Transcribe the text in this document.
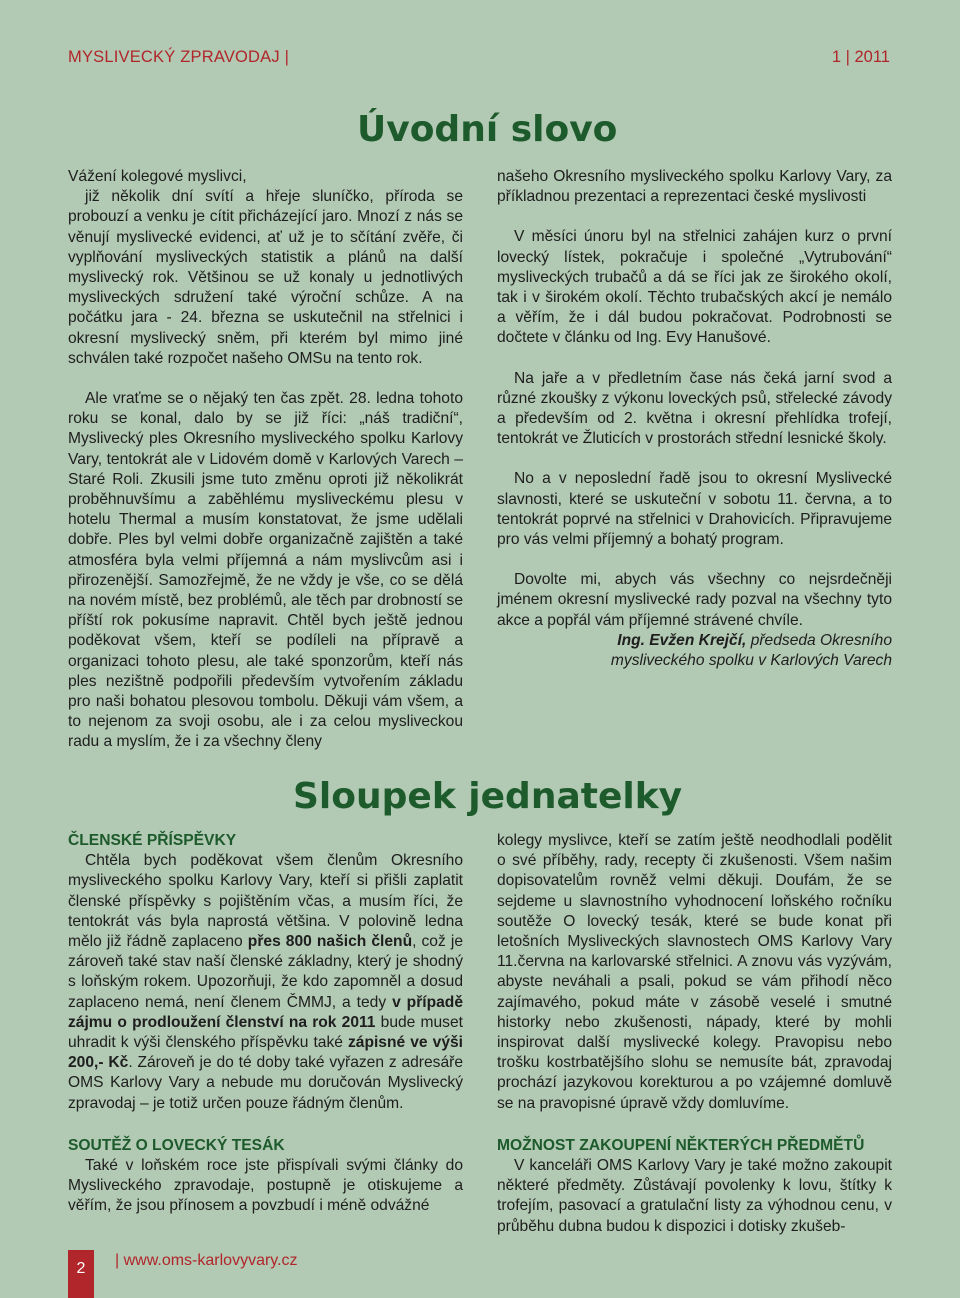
MYSLIVECKÝ ZPRAVODAJ |	1 | 2011
Úvodní slovo

Vážení kolegové myslivci,

již několik dní svítí a hřeje sluníčko, příroda se probouzí a venku je cítit přicházející jaro. Mnozí z nás se věnují myslivecké evidenci, ať už je to sčítání zvěře, či vyplňování mysliveckých statistik a plánů na další myslivecký rok. Většinou se už konaly u jednotlivých mysliveckých sdružení také výroční schůze. A na počátku jara - 24. března se uskutečnil na střelnici i okresní myslivecký sněm, při kterém byl mimo jiné schválen také rozpočet našeho OMSu na tento rok.

Ale vraťme se o nějaký ten čas zpět. 28. ledna tohoto roku se konal, dalo by se již říci: „náš tradiční“, Myslivecký ples Okresního mysliveckého spolku Karlovy Vary, tentokrát ale v Lidovém domě v Karlových Varech – Staré Roli. Zkusili jsme tuto změnu oproti již několikrát proběhnuvšímu a zaběhlému mysliveckému plesu v hotelu Thermal a musím konstatovat, že jsme udělali dobře. Ples byl velmi dobře organizačně zajištěn a také atmosféra byla velmi příjemná a nám myslivcům asi i přirozenější. Samozřejmě, že ne vždy je vše, co se dělá na novém místě, bez problémů, ale těch par drobností se příští rok pokusíme napravit. Chtěl bych ještě jednou poděkovat všem, kteří se podíleli na přípravě a organizaci tohoto plesu, ale také sponzorům, kteří nás ples nezištně podpořili především vytvořením základu pro naši bohatou plesovou tombolu. Děkuji vám všem, a to nejenom za svoji osobu, ale i za celou mysliveckou radu a myslím, že i za všechny členy

našeho Okresního mysliveckého spolku Karlovy Vary, za příkladnou prezentaci a reprezentaci české myslivosti

V měsíci únoru byl na střelnici zahájen kurz o první lovecký lístek, pokračuje i společné „Vytrubování“ mysliveckých trubačů a dá se říci jak ze širokého okolí, tak i v širokém okolí. Těchto trubačských akcí je nemálo a věřím, že i dál budou pokračovat. Podrobnosti se dočtete v článku od Ing. Evy Hanušové.

Na jaře a v předletním čase nás čeká jarní svod a různé zkoušky z výkonu loveckých psů, střelecké závody a především od 2. května i okresní přehlídka trofejí, tentokrát ve Žluticích v prostorách střední lesnické školy.

No a v neposlední řadě jsou to okresní Myslivecké slavnosti, které se uskuteční v sobotu 11. června, a to tentokrát poprvé na střelnici v Drahovicích. Připravujeme pro vás velmi příjemný a bohatý program.

Dovolte mi, abych vás všechny co nejsrdečněji jménem okresní myslivecké rady pozval na všechny tyto akce a popřál vám příjemné strávené chvíle.

Ing. Evžen Krejčí, předseda Okresního
mysliveckého spolku v Karlových Varech

Sloupek jednatelky
ČLENSKÉ PŘÍSPĚVKY

Chtěla bych poděkovat všem členům Okresního mysliveckého spolku Karlovy Vary, kteří si přišli zaplatit členské příspěvky s pojištěním včas, a musím říci, že tentokrát vás byla naprostá většina. V polovině ledna mělo již řádně zaplaceno přes 800 našich členů, což je zároveň také stav naší členské základny, který je shodný s loňským rokem. Upozorňuji, že kdo zapomněl a dosud zaplaceno nemá, není členem ČMMJ, a tedy v případě zájmu o prodloužení členství na rok 2011 bude muset uhradit k výši členského příspěvku také zápisné ve výši 200,- Kč. Zároveň je do té doby také vyřazen z adresáře OMS Karlovy Vary a nebude mu doručován Myslivecký zpravodaj – je totiž určen pouze řádným členům.

SOUTĚŽ O LOVECKÝ TESÁK

Také v loňském roce jste přispívali svými články do Mysliveckého zpravodaje, postupně je otiskujeme a věřím, že jsou přínosem a povzbudí i méně odvážné

kolegy myslivce, kteří se zatím ještě neodhodlali podělit o své příběhy, rady, recepty či zkušenosti. Všem našim dopisovatelům rovněž velmi děkuji. Doufám, že se sejdeme u slavnostního vyhodnocení loňského ročníku soutěže O lovecký tesák, které se bude konat při letošních Mysliveckých slavnostech OMS Karlovy Vary 11.června na karlovarské střelnici. A znovu vás vyzývám, abyste neváhali a psali, pokud se vám přihodí něco zajímavého, pokud máte v zásobě veselé i smutné historky nebo zkušenosti, nápady, které by mohli inspirovat další myslivecké kolegy. Pravopisu nebo trošku kostrbatějšího slohu se nemusíte bát, zpravodaj prochází jazykovou korekturou a po vzájemné domluvě se na pravopisné úpravě vždy domluvíme.

MOŽNOST ZAKOUPENÍ NĚKTERÝCH PŘEDMĚTŮ

V kanceláři OMS Karlovy Vary je také možno zakoupit některé předměty. Zůstávají povolenky k lovu, štítky k trofejím, pasovací a gratulační listy za výhodnou cenu, v průběhu dubna budou k dispozici i dotisky zkušeb-

2	| www.oms-karlovyvary.cz
